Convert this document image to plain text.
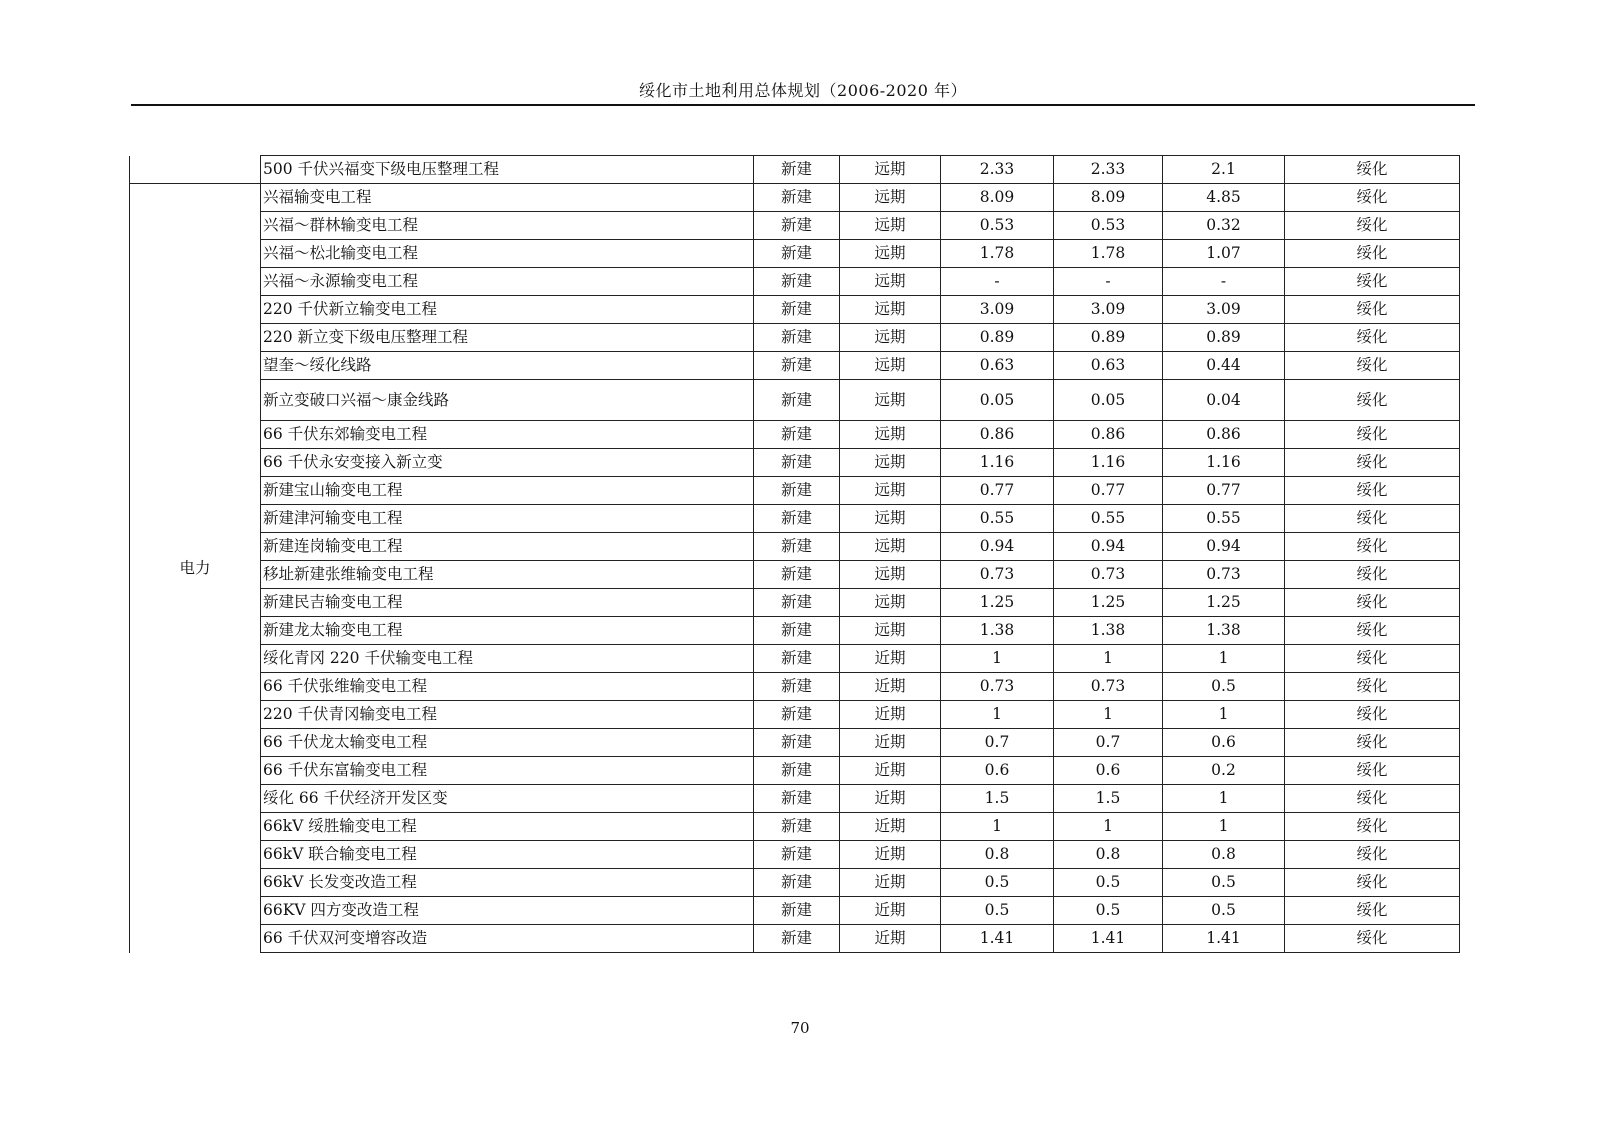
绥化市土地利用总体规划（2006-2020 年）
	500 千伏兴福变下级电压整理工程	新建	远期	2.33	2.33	2.1	绥化
电力	兴福输变电工程	新建	远期	8.09	8.09	4.85	绥化
	兴福～群林输变电工程	新建	远期	0.53	0.53	0.32	绥化
	兴福～松北输变电工程	新建	远期	1.78	1.78	1.07	绥化
	兴福～永源输变电工程	新建	远期	-	-	-	绥化
	220 千伏新立输变电工程	新建	远期	3.09	3.09	3.09	绥化
	220 新立变下级电压整理工程	新建	远期	0.89	0.89	0.89	绥化
	望奎～绥化线路	新建	远期	0.63	0.63	0.44	绥化
	新立变破口兴福～康金线路	新建	远期	0.05	0.05	0.04	绥化
	66 千伏东郊输变电工程	新建	远期	0.86	0.86	0.86	绥化
	66 千伏永安变接入新立变	新建	远期	1.16	1.16	1.16	绥化
	新建宝山输变电工程	新建	远期	0.77	0.77	0.77	绥化
	新建津河输变电工程	新建	远期	0.55	0.55	0.55	绥化
	新建连岗输变电工程	新建	远期	0.94	0.94	0.94	绥化
	移址新建张维输变电工程	新建	远期	0.73	0.73	0.73	绥化
	新建民吉输变电工程	新建	远期	1.25	1.25	1.25	绥化
	新建龙太输变电工程	新建	远期	1.38	1.38	1.38	绥化
	绥化青冈 220 千伏输变电工程	新建	近期	1	1	1	绥化
	66 千伏张维输变电工程	新建	近期	0.73	0.73	0.5	绥化
	220 千伏青冈输变电工程	新建	近期	1	1	1	绥化
	66 千伏龙太输变电工程	新建	近期	0.7	0.7	0.6	绥化
	66 千伏东富输变电工程	新建	近期	0.6	0.6	0.2	绥化
	绥化 66 千伏经济开发区变	新建	近期	1.5	1.5	1	绥化
	66kV 绥胜输变电工程	新建	近期	1	1	1	绥化
	66kV 联合输变电工程	新建	近期	0.8	0.8	0.8	绥化
	66kV 长发变改造工程	新建	近期	0.5	0.5	0.5	绥化
	66KV 四方变改造工程	新建	近期	0.5	0.5	0.5	绥化
	66 千伏双河变增容改造	新建	近期	1.41	1.41	1.41	绥化
70
